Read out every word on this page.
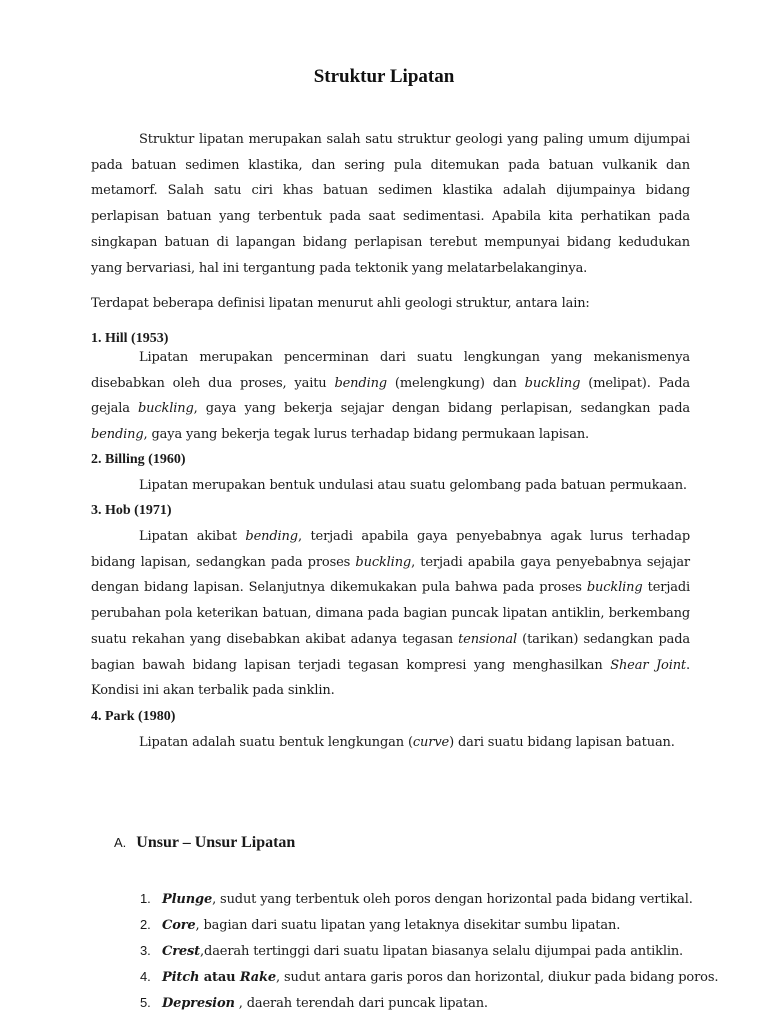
Struktur Lipatan

Struktur lipatan merupakan salah satu struktur geologi yang paling umum dijumpai pada batuan sedimen klastika, dan sering pula ditemukan pada batuan vulkanik dan metamorf. Salah satu ciri khas batuan sedimen klastika adalah dijumpainya bidang perlapisan batuan yang terbentuk pada saat sedimentasi. Apabila kita perhatikan pada singkapan batuan di lapangan bidang perlapisan terebut mempunyai bidang kedudukan yang bervariasi, hal ini tergantung pada tektonik yang melatarbelakanginya.

Terdapat beberapa definisi lipatan menurut ahli geologi struktur, antara lain:
1. Hill (1953)

Lipatan merupakan pencerminan dari suatu lengkungan yang mekanismenya disebabkan oleh dua proses, yaitu bending (melengkung) dan buckling (melipat). Pada gejala buckling, gaya yang bekerja sejajar dengan bidang perlapisan, sedangkan pada bending, gaya yang bekerja tegak lurus terhadap bidang permukaan lapisan.

2. Billing (1960)

Lipatan merupakan bentuk undulasi atau suatu gelombang pada batuan permukaan.

3. Hob (1971)

Lipatan akibat bending, terjadi apabila gaya penyebabnya agak lurus terhadap bidang lapisan, sedangkan pada proses buckling, terjadi apabila gaya penyebabnya sejajar dengan bidang lapisan. Selanjutnya dikemukakan pula bahwa pada proses buckling terjadi perubahan pola keterikan batuan, dimana pada bagian puncak lipatan antiklin, berkembang suatu rekahan yang disebabkan akibat adanya tegasan tensional (tarikan) sedangkan pada bagian bawah bidang lapisan terjadi tegasan kompresi yang menghasilkan Shear Joint. Kondisi ini akan terbalik pada sinklin.

4. Park (1980)

Lipatan adalah suatu bentuk lengkungan (curve) dari suatu bidang lapisan batuan.

A. Unsur – Unsur Lipatan
1. Plunge, sudut yang terbentuk oleh poros dengan horizontal pada bidang vertikal.
2. Core, bagian dari suatu lipatan yang letaknya disekitar sumbu lipatan.
3. Crest,daerah tertinggi dari suatu lipatan biasanya selalu dijumpai pada antiklin.
4. Pitch atau Rake, sudut antara garis poros dan horizontal, diukur pada bidang poros.
5. Depresion , daerah terendah dari puncak lipatan.
